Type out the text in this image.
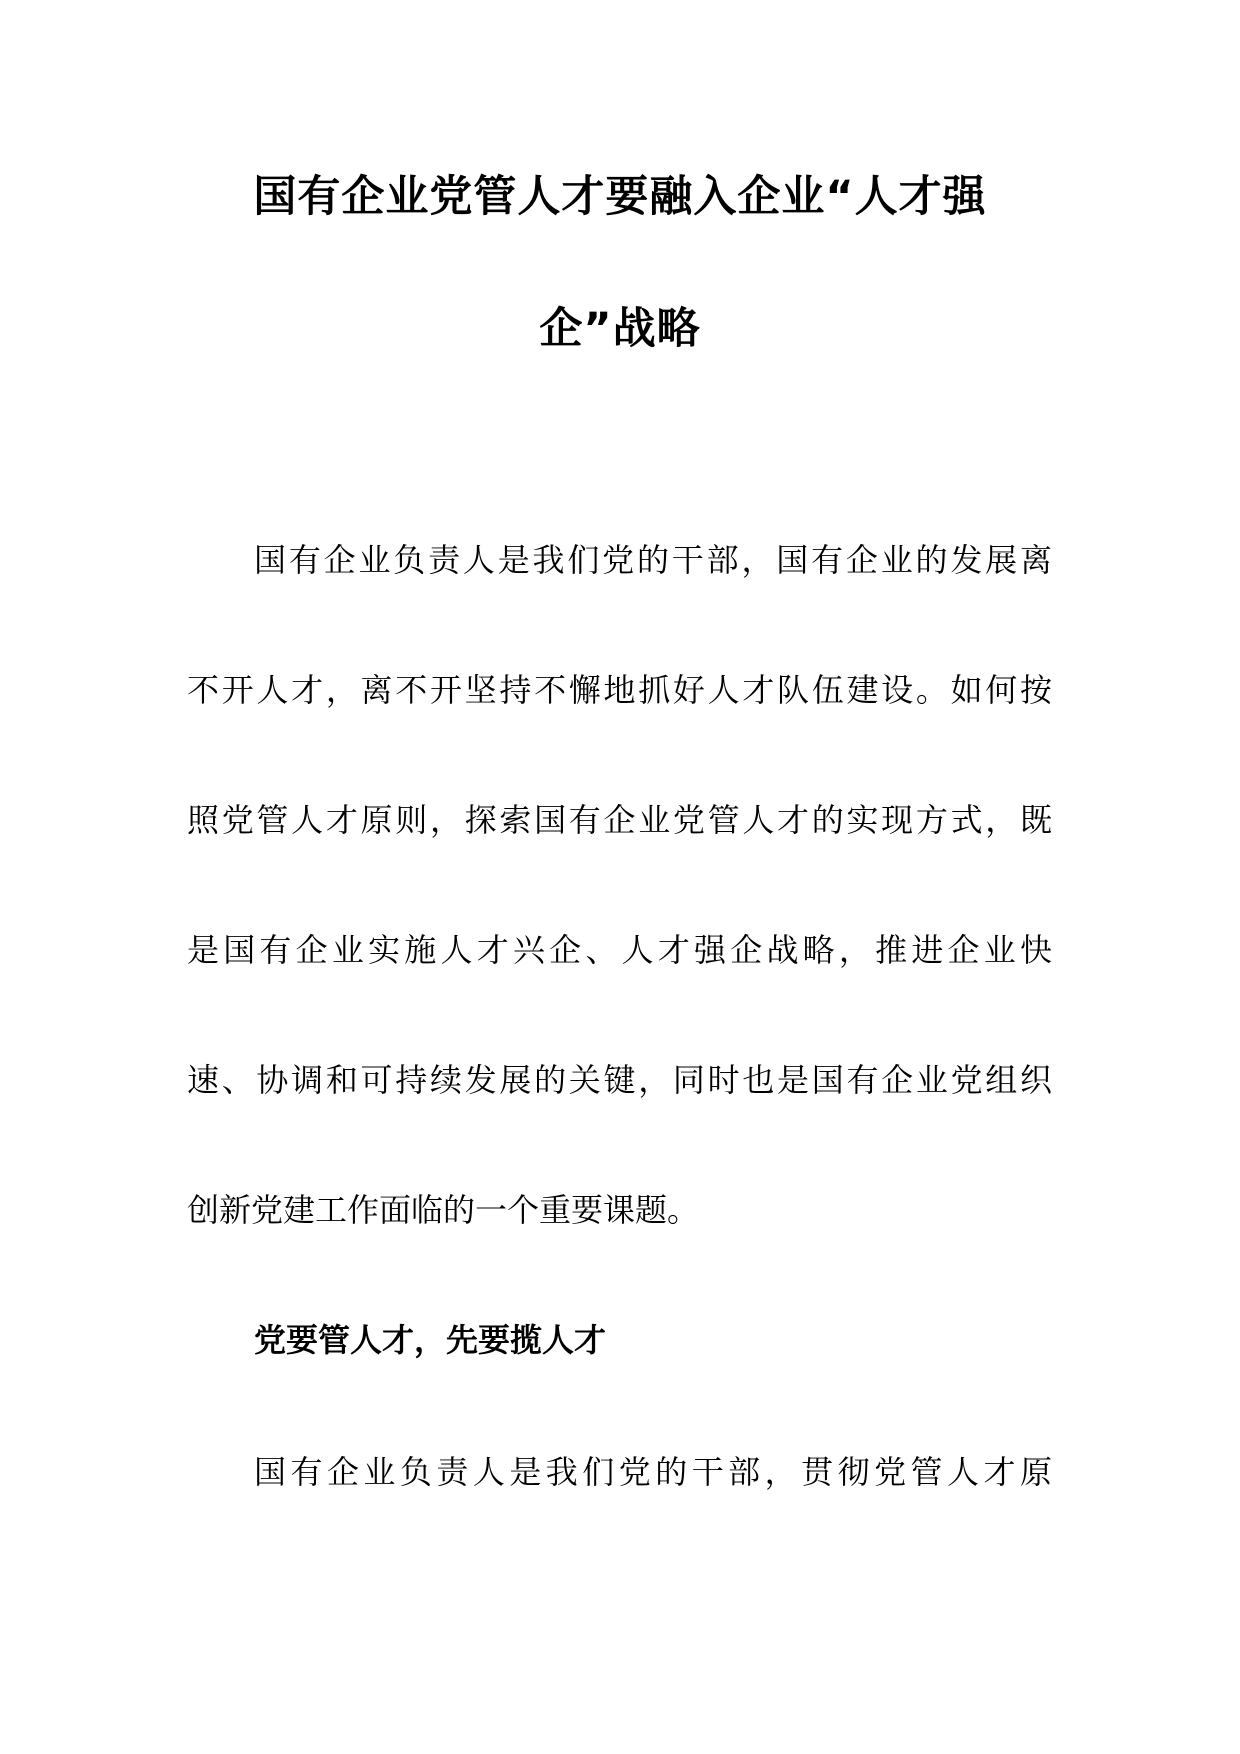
国有企业党管人才要融入企业“人才强
企”战略
国有企业负责人是我们党的干部，国有企业的发展离
不开人才，离不开坚持不懈地抓好人才队伍建设。如何按
照党管人才原则，探索国有企业党管人才的实现方式，既
是国有企业实施人才兴企、人才强企战略，推进企业快
速、协调和可持续发展的关键，同时也是国有企业党组织
创新党建工作面临的一个重要课题。
党要管人才，先要揽人才
国有企业负责人是我们党的干部，贯彻党管人才原
